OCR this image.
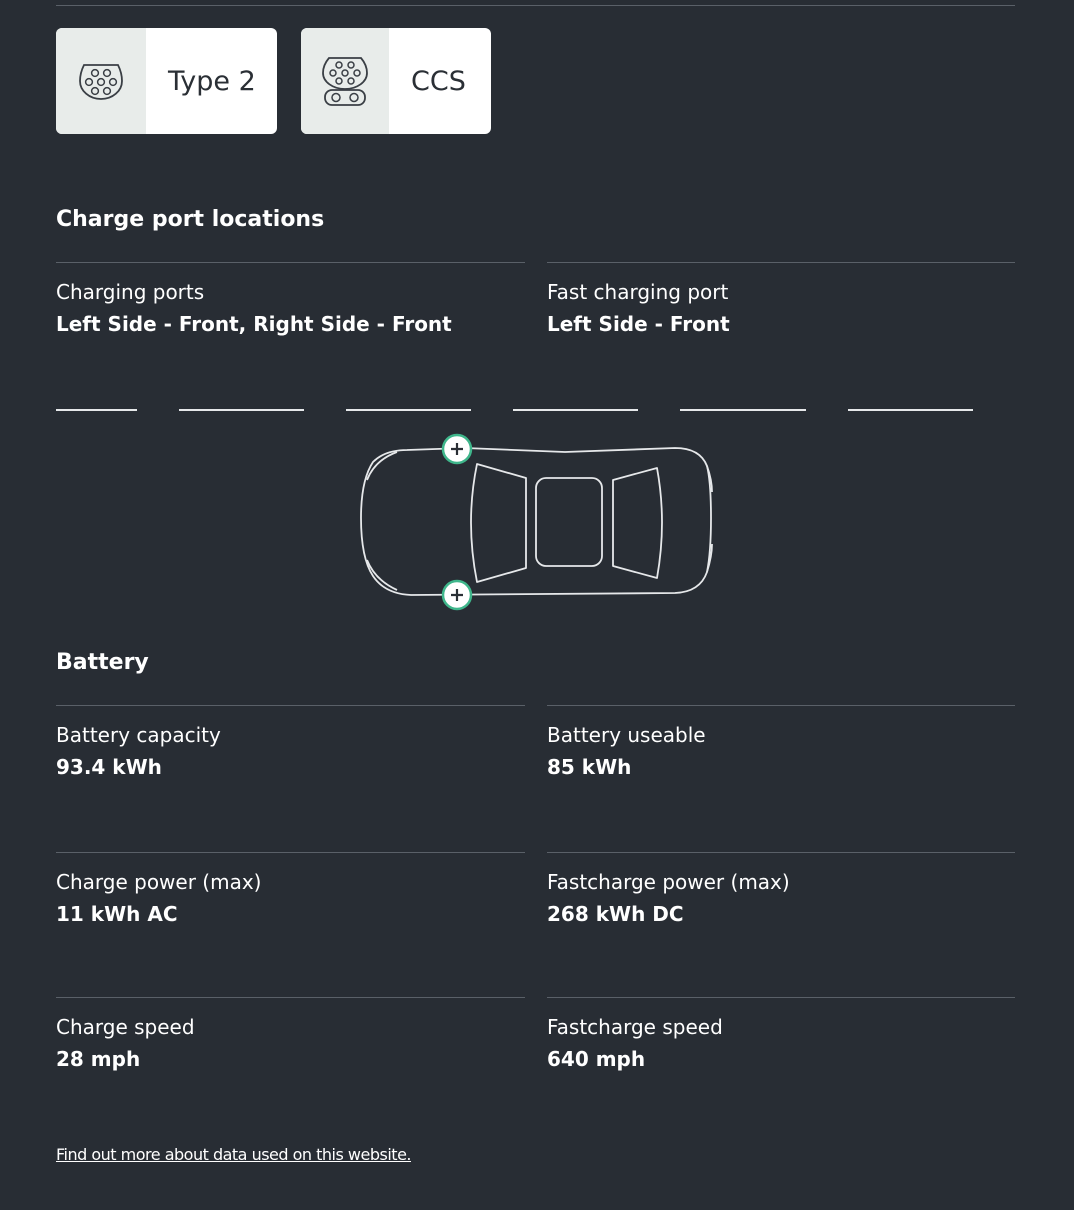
Type 2	CCS
Charge port locations
Charging ports
Left Side - Front, Right Side - Front
Fast charging port
Left Side - Front
Battery
Battery capacity
93.4 kWh
Battery useable
85 kWh
Charge power (max)
11 kWh AC
Fastcharge power (max)
268 kWh DC
Charge speed
28 mph
Fastcharge speed
640 mph
Find out more about data used on this website.
